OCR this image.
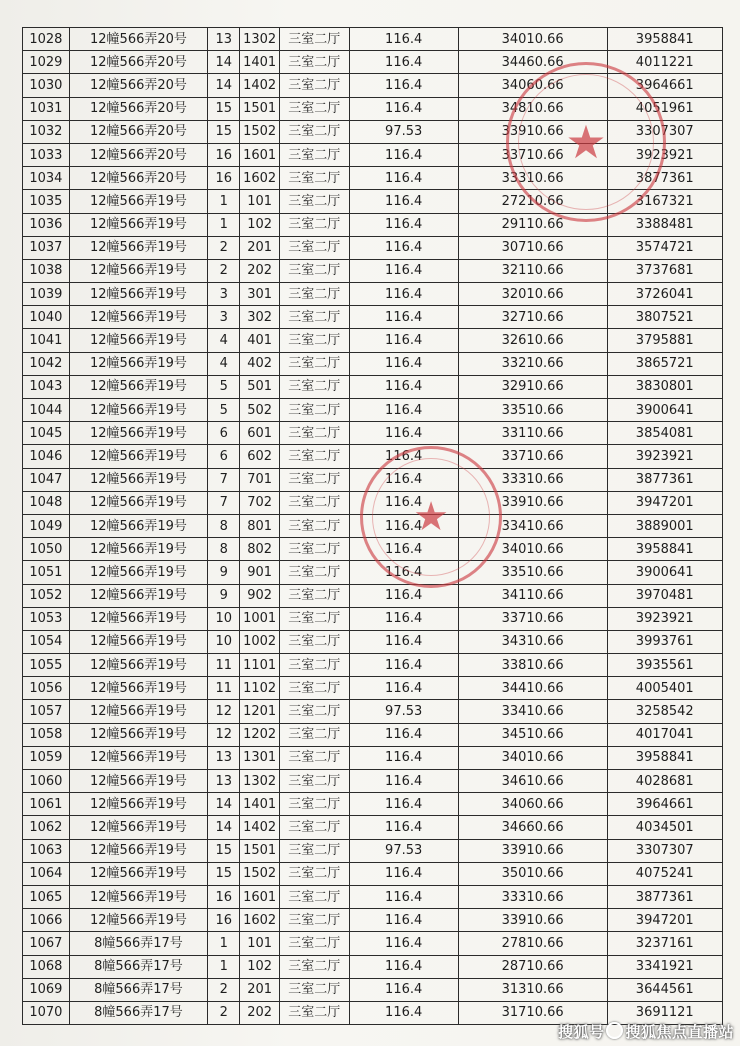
1028	12幢566弄20号	13	1302	三室二厅	116.4	34010.66	3958841
1029	12幢566弄20号	14	1401	三室二厅	116.4	34460.66	4011221
1030	12幢566弄20号	14	1402	三室二厅	116.4	34060.66	3964661
1031	12幢566弄20号	15	1501	三室二厅	116.4	34810.66	4051961
1032	12幢566弄20号	15	1502	三室二厅	97.53	33910.66	3307307
1033	12幢566弄20号	16	1601	三室二厅	116.4	33710.66	3923921
1034	12幢566弄20号	16	1602	三室二厅	116.4	33310.66	3877361
1035	12幢566弄19号	1	101	三室二厅	116.4	27210.66	3167321
1036	12幢566弄19号	1	102	三室二厅	116.4	29110.66	3388481
1037	12幢566弄19号	2	201	三室二厅	116.4	30710.66	3574721
1038	12幢566弄19号	2	202	三室二厅	116.4	32110.66	3737681
1039	12幢566弄19号	3	301	三室二厅	116.4	32010.66	3726041
1040	12幢566弄19号	3	302	三室二厅	116.4	32710.66	3807521
1041	12幢566弄19号	4	401	三室二厅	116.4	32610.66	3795881
1042	12幢566弄19号	4	402	三室二厅	116.4	33210.66	3865721
1043	12幢566弄19号	5	501	三室二厅	116.4	32910.66	3830801
1044	12幢566弄19号	5	502	三室二厅	116.4	33510.66	3900641
1045	12幢566弄19号	6	601	三室二厅	116.4	33110.66	3854081
1046	12幢566弄19号	6	602	三室二厅	116.4	33710.66	3923921
1047	12幢566弄19号	7	701	三室二厅	116.4	33310.66	3877361
1048	12幢566弄19号	7	702	三室二厅	116.4	33910.66	3947201
1049	12幢566弄19号	8	801	三室二厅	116.4	33410.66	3889001
1050	12幢566弄19号	8	802	三室二厅	116.4	34010.66	3958841
1051	12幢566弄19号	9	901	三室二厅	116.4	33510.66	3900641
1052	12幢566弄19号	9	902	三室二厅	116.4	34110.66	3970481
1053	12幢566弄19号	10	1001	三室二厅	116.4	33710.66	3923921
1054	12幢566弄19号	10	1002	三室二厅	116.4	34310.66	3993761
1055	12幢566弄19号	11	1101	三室二厅	116.4	33810.66	3935561
1056	12幢566弄19号	11	1102	三室二厅	116.4	34410.66	4005401
1057	12幢566弄19号	12	1201	三室二厅	97.53	33410.66	3258542
1058	12幢566弄19号	12	1202	三室二厅	116.4	34510.66	4017041
1059	12幢566弄19号	13	1301	三室二厅	116.4	34010.66	3958841
1060	12幢566弄19号	13	1302	三室二厅	116.4	34610.66	4028681
1061	12幢566弄19号	14	1401	三室二厅	116.4	34060.66	3964661
1062	12幢566弄19号	14	1402	三室二厅	116.4	34660.66	4034501
1063	12幢566弄19号	15	1501	三室二厅	97.53	33910.66	3307307
1064	12幢566弄19号	15	1502	三室二厅	116.4	35010.66	4075241
1065	12幢566弄19号	16	1601	三室二厅	116.4	33310.66	3877361
1066	12幢566弄19号	16	1602	三室二厅	116.4	33910.66	3947201
1067	8幢566弄17号	1	101	三室二厅	116.4	27810.66	3237161
1068	8幢566弄17号	1	102	三室二厅	116.4	28710.66	3341921
1069	8幢566弄17号	2	201	三室二厅	116.4	31310.66	3644561
1070	8幢566弄17号	2	202	三室二厅	116.4	31710.66	3691121
★
★
搜狐号 搜狐焦点直播站
